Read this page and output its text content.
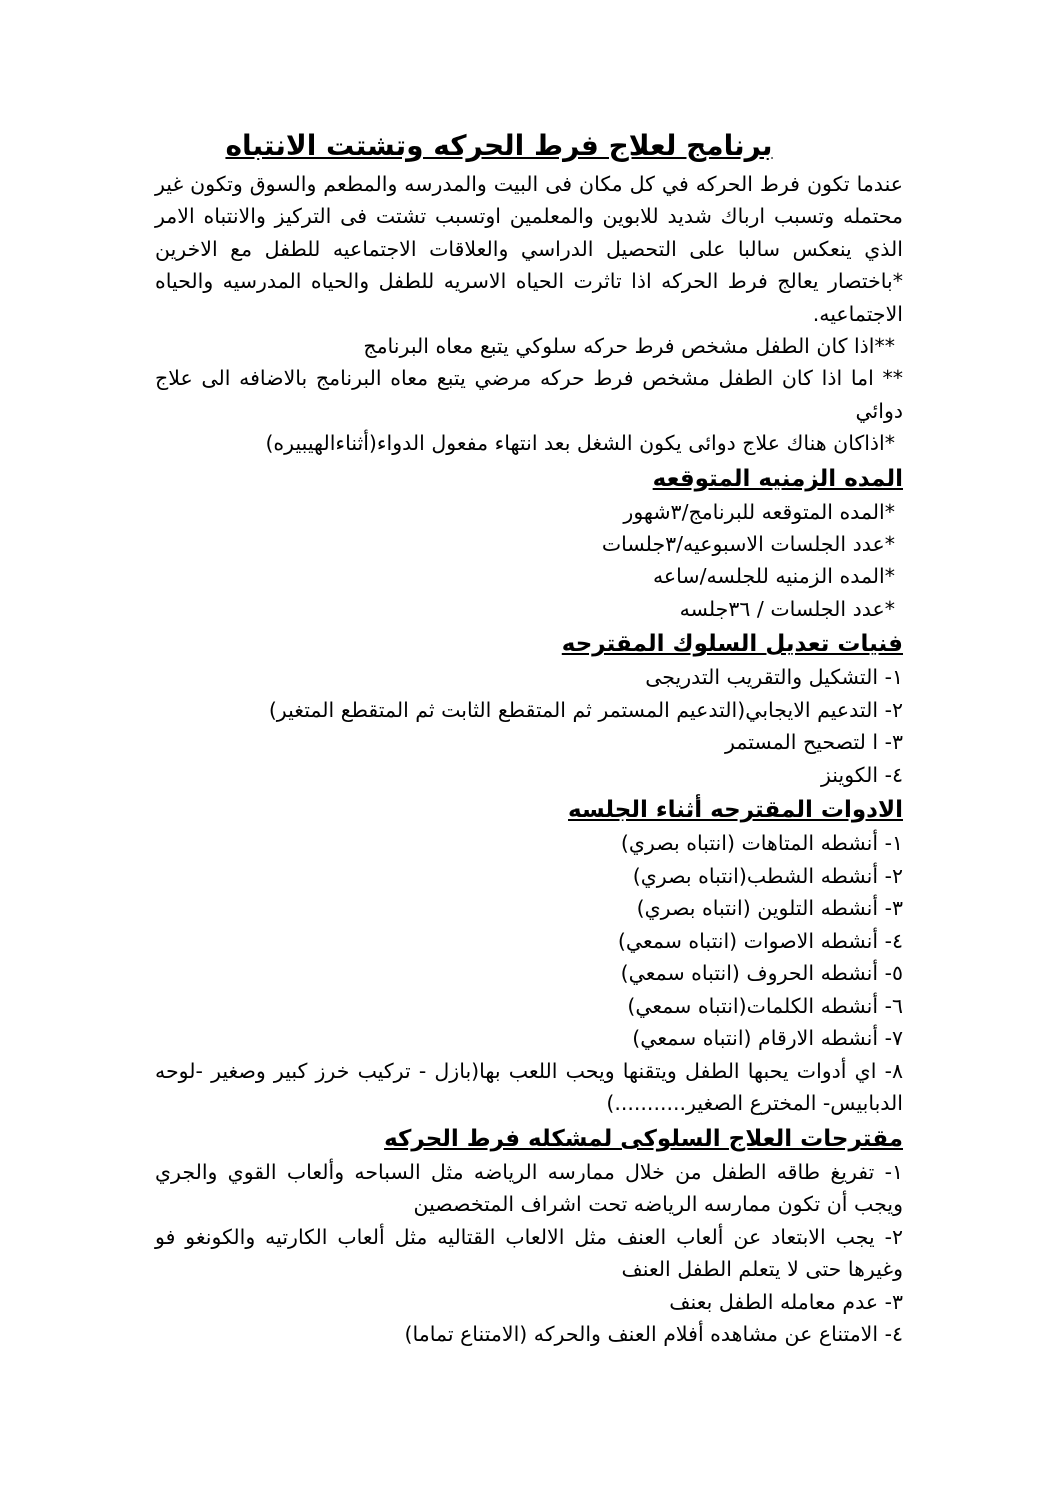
برنامج لعلاج فرط الحركه وتشتت الانتباه

عندما تكون فرط الحركه في كل مكان فى البيت والمدرسه والمطعم والسوق وتكون غير محتمله وتسبب ارباك شديد للابوين والمعلمين اوتسبب تشتت فى التركيز والانتباه الامر الذي ينعكس سالبا على التحصيل الدراسي والعلاقات الاجتماعيه للطفل مع الاخرين *باختصار يعالج فرط الحركه اذا تاثرت الحياه الاسريه للطفل والحياه المدرسيه والحياه الاجتماعيه.

**اذا كان الطفل مشخص فرط حركه سلوكي يتبع معاه البرنامج

** اما اذا كان الطفل مشخص فرط حركه مرضي يتبع معاه البرنامج بالاضافه الى علاج دوائي

*اذاكان هناك علاج دوائى يكون الشغل بعد انتهاء مفعول الدواء(أثناءالهيبيره)

المده الزمنيه المتوقعه

*المده المتوقعه للبرنامج/٣شهور

*عدد الجلسات الاسبوعيه/٣جلسات

*المده الزمنيه للجلسه/ساعه

*عدد الجلسات / ٣٦جلسه

فنيات تعديل السلوك المقترحه

١- التشكيل والتقريب التدريجى

٢- التدعيم الايجابي(التدعيم المستمر ثم المتقطع الثابت ثم المتقطع المتغير)

٣- ا لتصحيح المستمر

٤- الكوينز

الادوات المقترحه أثناء الجلسه

١- أنشطه المتاهات (انتباه بصري)

٢- أنشطه الشطب(انتباه بصري)

٣- أنشطه التلوين (انتباه بصري)

٤- أنشطه الاصوات (انتباه سمعي)

٥- أنشطه الحروف (انتباه سمعي)

٦- أنشطه الكلمات(انتباه سمعي)

٧- أنشطه الارقام (انتباه سمعي)

٨- اي أدوات يحبها الطفل ويتقنها ويحب اللعب بها(بازل - تركيب خرز كبير وصغير -لوحه الدبابيس- المخترع الصغير...........)

مقترحات العلاج السلوكى لمشكله فرط الحركه

١- تفريغ طاقه الطفل من خلال ممارسه الرياضه مثل السباحه وألعاب القوي والجري ويجب أن تكون ممارسه الرياضه تحت اشراف المتخصصين

٢- يجب الابتعاد عن ألعاب العنف مثل الالعاب القتاليه مثل ألعاب الكارتيه والكونغو فو وغيرها حتى لا يتعلم الطفل العنف

٣- عدم معامله الطفل بعنف

٤- الامتناع عن مشاهده أفلام العنف والحركه (الامتناع تماما)
